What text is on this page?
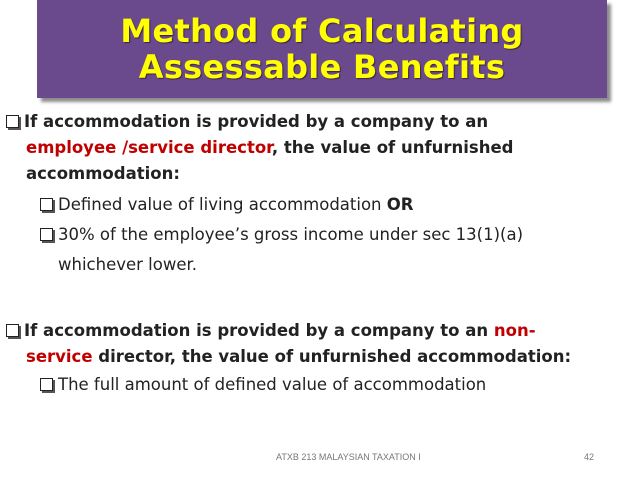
Method of Calculating
Assessable Benefits
If accommodation is provided by a company to an
employee /service director, the value of unfurnished
accommodation:
Defined value of living accommodation OR
30% of the employee’s gross income under sec 13(1)(a)
whichever lower.
If accommodation is provided by a company to an non-
service director, the value of unfurnished accommodation:
The full amount of defined value of accommodation
ATXB 213 MALAYSIAN TAXATION I	42
